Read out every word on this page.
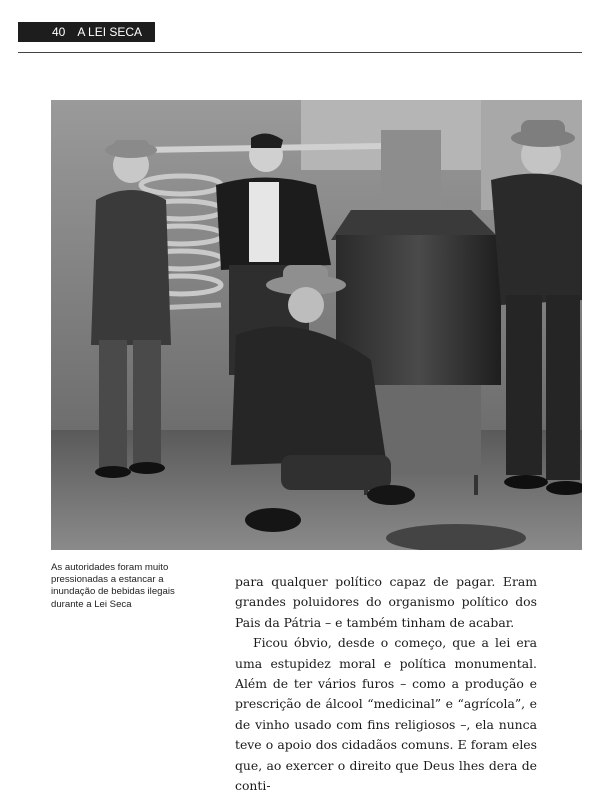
40 A LEI SECA
As autoridades foram muito pressionadas a estancar a inundação de bebidas ilegais durante a Lei Seca

para qualquer político capaz de pagar. Eram grandes poluidores do organismo político dos Pais da Pátria – e também tinham de acabar.

Ficou óbvio, desde o começo, que a lei era uma estupidez moral e política monumental. Além de ter vários furos – como a produção e prescrição de álcool “medicinal” e “agrícola”, e de vinho usado com fins religiosos –, ela nunca teve o apoio dos cidadãos comuns. E foram eles que, ao exercer o direito que Deus lhes dera de conti-
